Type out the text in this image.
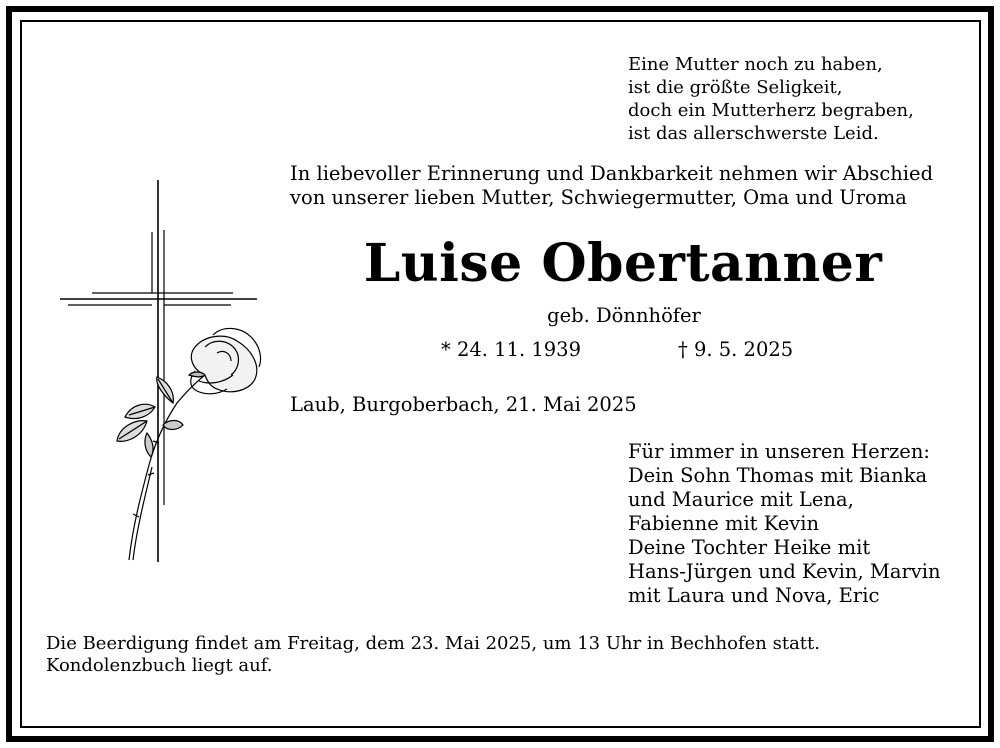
Eine Mutter noch zu haben,
ist die größte Seligkeit,
doch ein Mutterherz begraben,
ist das allerschwerste Leid.
In liebevoller Erinnerung und Dankbarkeit nehmen wir Abschied
von unserer lieben Mutter, Schwiegermutter, Oma und Uroma
Luise Obertanner
geb. Dönnhöfer
* 24. 11. 1939	† 9. 5. 2025
Laub, Burgoberbach, 21. Mai 2025
Für immer in unseren Herzen:
Dein Sohn Thomas mit Bianka
und Maurice mit Lena,
Fabienne mit Kevin
Deine Tochter Heike mit
Hans-Jürgen und Kevin, Marvin
mit Laura und Nova, Eric
Die Beerdigung findet am Freitag, dem 23. Mai 2025, um 13 Uhr in Bechhofen statt.
Kondolenzbuch liegt auf.
